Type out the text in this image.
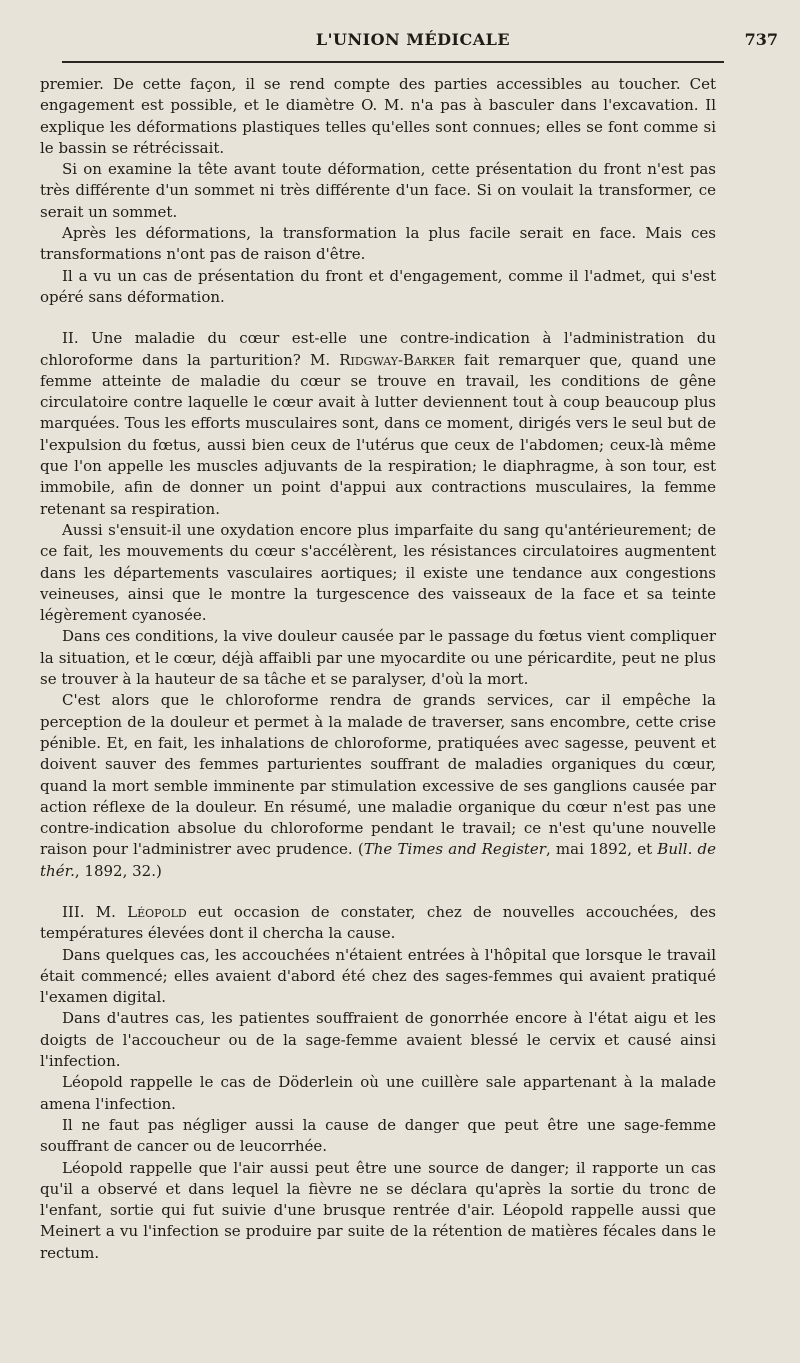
L'UNION MÉDICALE	737

premier. De cette façon, il se rend compte des parties accessibles au toucher. Cet engagement est possible, et le diamètre O. M. n'a pas à basculer dans l'excavation. Il explique les déformations plastiques telles qu'elles sont connues; elles se font comme si le bassin se rétrécissait.

Si on examine la tête avant toute déformation, cette présentation du front n'est pas très différente d'un sommet ni très différente d'un face. Si on voulait la transformer, ce serait un sommet.

Après les déformations, la transformation la plus facile serait en face. Mais ces transformations n'ont pas de raison d'être.

Il a vu un cas de présentation du front et d'engagement, comme il l'admet, qui s'est opéré sans déformation.

II. Une maladie du cœur est-elle une contre-indication à l'administration du chloroforme dans la parturition? M. Ridgway-Barker fait remarquer que, quand une femme atteinte de maladie du cœur se trouve en travail, les conditions de gêne circulatoire contre laquelle le cœur avait à lutter deviennent tout à coup beaucoup plus marquées. Tous les efforts musculaires sont, dans ce moment, dirigés vers le seul but de l'expulsion du fœtus, aussi bien ceux de l'utérus que ceux de l'abdomen; ceux-là même que l'on appelle les muscles adjuvants de la respiration; le diaphragme, à son tour, est immobile, afin de donner un point d'appui aux contractions musculaires, la femme retenant sa respiration.

Aussi s'ensuit-il une oxydation encore plus imparfaite du sang qu'antérieurement; de ce fait, les mouvements du cœur s'accélèrent, les résistances circulatoires augmentent dans les départements vasculaires aortiques; il existe une tendance aux congestions veineuses, ainsi que le montre la turgescence des vaisseaux de la face et sa teinte légèrement cyanosée.

Dans ces conditions, la vive douleur causée par le passage du fœtus vient compliquer la situation, et le cœur, déjà affaibli par une myocardite ou une péricardite, peut ne plus se trouver à la hauteur de sa tâche et se paralyser, d'où la mort.

C'est alors que le chloroforme rendra de grands services, car il empêche la perception de la douleur et permet à la malade de traverser, sans encombre, cette crise pénible. Et, en fait, les inhalations de chloroforme, pratiquées avec sagesse, peuvent et doivent sauver des femmes parturientes souffrant de maladies organiques du cœur, quand la mort semble imminente par stimulation excessive de ses ganglions causée par action réflexe de la douleur. En résumé, une maladie organique du cœur n'est pas une contre-indication absolue du chloroforme pendant le travail; ce n'est qu'une nouvelle raison pour l'administrer avec prudence. (The Times and Register, mai 1892, et Bull. de thér., 1892, 32.)

III. M. Léopold eut occasion de constater, chez de nouvelles accouchées, des températures élevées dont il chercha la cause.

Dans quelques cas, les accouchées n'étaient entrées à l'hôpital que lorsque le travail était commencé; elles avaient d'abord été chez des sages-femmes qui avaient pratiqué l'examen digital.

Dans d'autres cas, les patientes souffraient de gonorrhée encore à l'état aigu et les doigts de l'accoucheur ou de la sage-femme avaient blessé le cervix et causé ainsi l'infection.

Léopold rappelle le cas de Döderlein où une cuillère sale appartenant à la malade amena l'infection.

Il ne faut pas négliger aussi la cause de danger que peut être une sage-femme souffrant de cancer ou de leucorrhée.

Léopold rappelle que l'air aussi peut être une source de danger; il rapporte un cas qu'il a observé et dans lequel la fièvre ne se déclara qu'après la sortie du tronc de l'enfant, sortie qui fut suivie d'une brusque rentrée d'air. Léopold rappelle aussi que Meinert a vu l'infection se produire par suite de la rétention de matières fécales dans le rectum.
